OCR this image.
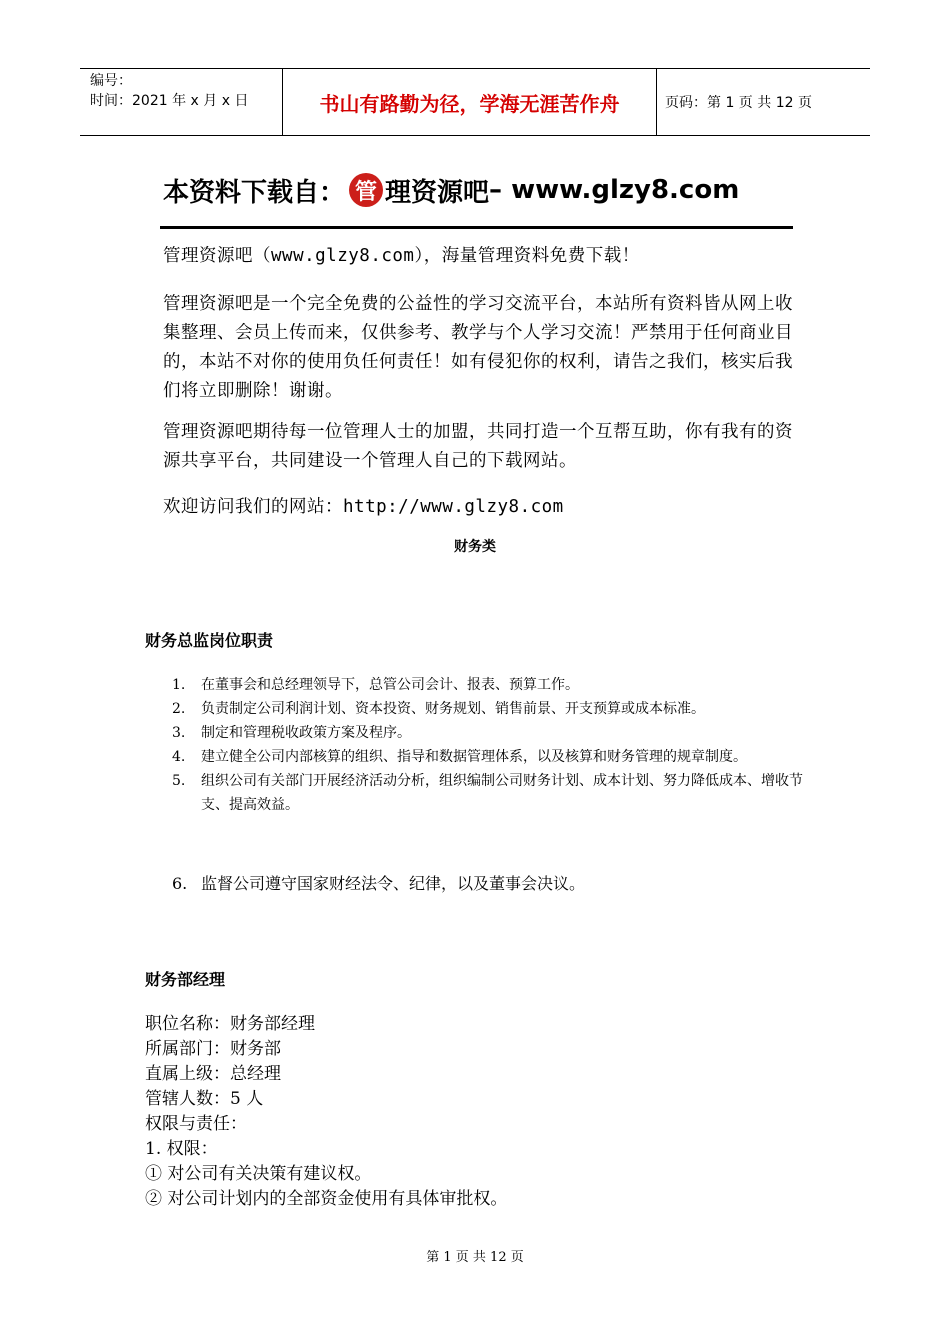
编号：
时间：2021 年 x 月 x 日	书山有路勤为径，学海无涯苦作舟	页码：第 1 页 共 12 页
本资料下载自： 管 理资源吧 – www.glzy8.com
管理资源吧（www.glzy8.com），海量管理资料免费下载！
管理资源吧是一个完全免费的公益性的学习交流平台，本站所有资料皆从网上收集整理、会员上传而来，仅供参考、教学与个人学习交流！严禁用于任何商业目的，本站不对你的使用负任何责任！如有侵犯你的权利，请告之我们，核实后我们将立即删除！谢谢。
管理资源吧期待每一位管理人士的加盟，共同打造一个互帮互助，你有我有的资源共享平台，共同建设一个管理人自己的下载网站。
欢迎访问我们的网站：http://www.glzy8.com
财务类
财务总监岗位职责
1. 在董事会和总经理领导下，总管公司会计、报表、预算工作。
2. 负责制定公司利润计划、资本投资、财务规划、销售前景、开支预算或成本标准。
3. 制定和管理税收政策方案及程序。
4. 建立健全公司内部核算的组织、指导和数据管理体系，以及核算和财务管理的规章制度。
5. 组织公司有关部门开展经济活动分析，组织编制公司财务计划、成本计划、努力降低成本、增收节支、提高效益。
6. 监督公司遵守国家财经法令、纪律，以及董事会决议。
财务部经理
职位名称：财务部经理
所属部门：财务部
直属上级：总经理
管辖人数：5 人
权限与责任：
1. 权限：
① 对公司有关决策有建议权。
② 对公司计划内的全部资金使用有具体审批权。
第 1 页 共 12 页
